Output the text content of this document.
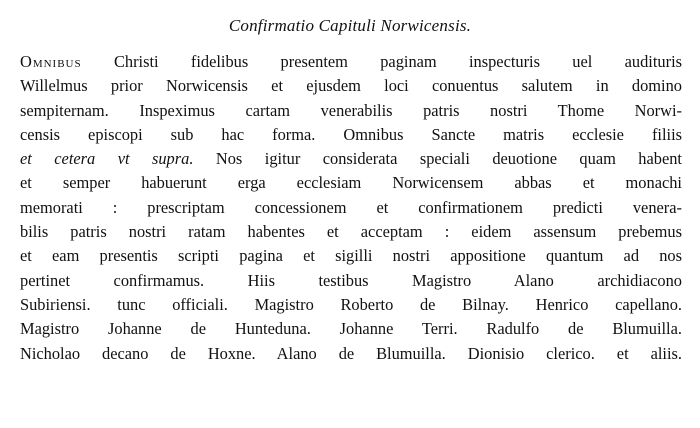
Confirmatio Capituli Norwicensis.
Omnibus Christi fidelibus presentem paginam inspecturis uel audituris
Willelmus prior Norwicensis et ejusdem loci conuentus salutem in domino
sempiternam. Inspeximus cartam venerabilis patris nostri Thome Norwi-
censis episcopi sub hac forma. Omnibus Sancte matris ecclesie filiis
et cetera vt supra. Nos igitur considerata speciali deuotione quam habent
et semper habuerunt erga ecclesiam Norwicensem abbas et monachi
memorati : prescriptam concessionem et confirmationem predicti venera-
bilis patris nostri ratam habentes et acceptam : eidem assensum prebemus
et eam presentis scripti pagina et sigilli nostri appositione quantum ad nos
pertinet confirmamus. Hiis testibus Magistro Alano archidiacono
Subiriensi. tunc officiali. Magistro Roberto de Bilnay. Henrico capellano.
Magistro Johanne de Hunteduna. Johanne Terri. Radulfo de Blumuilla.
Nicholao decano de Hoxne. Alano de Blumuilla. Dionisio clerico. et aliis.
